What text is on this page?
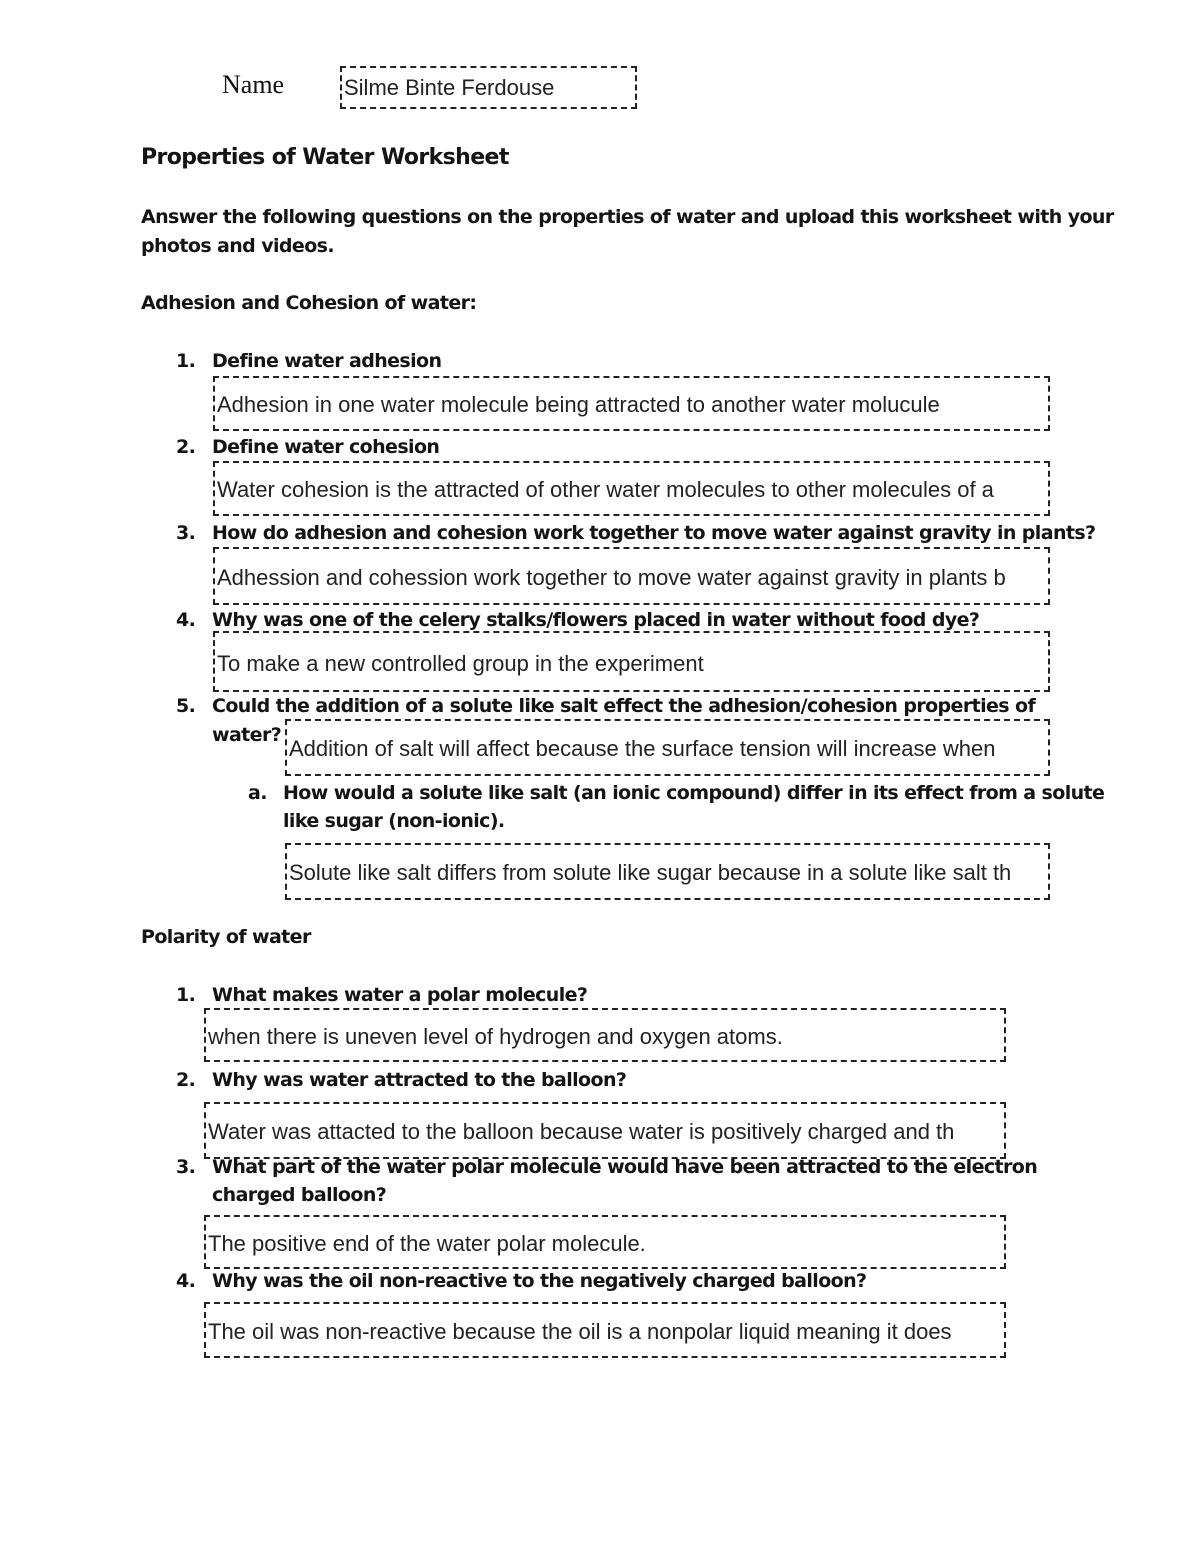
Name	Silme Binte Ferdouse
Properties of Water Worksheet
Answer the following questions on the properties of water and upload this worksheet with your
photos and videos.
Adhesion and Cohesion of water:
1. Define water adhesion
Adhesion in one water molecule being attracted to another water molucule
2. Define water cohesion
Water cohesion is the attracted of other water molecules to other molecules of a
3. How do adhesion and cohesion work together to move water against gravity in plants?
Adhession and cohession work together to move water against gravity in plants b
4. Why was one of the celery stalks/flowers placed in water without food dye?
To make a new controlled group in the experiment
5. Could the addition of a solute like salt effect the adhesion/cohesion properties of
water?
Addition of salt will affect because the surface tension will increase when
a. How would a solute like salt (an ionic compound) differ in its effect from a solute
like sugar (non-ionic).
Solute like salt differs from solute like sugar because in a solute like salt th
Polarity of water
1. What makes water a polar molecule?
when there is uneven level of hydrogen and oxygen atoms.
2. Why was water attracted to the balloon?
Water was attacted to the balloon because water is positively charged and th
3. What part of the water polar molecule would have been attracted to the electron
charged balloon?
The positive end of the water polar molecule.
4. Why was the oil non-reactive to the negatively charged balloon?
The oil was non-reactive because the oil is a nonpolar liquid meaning it does
